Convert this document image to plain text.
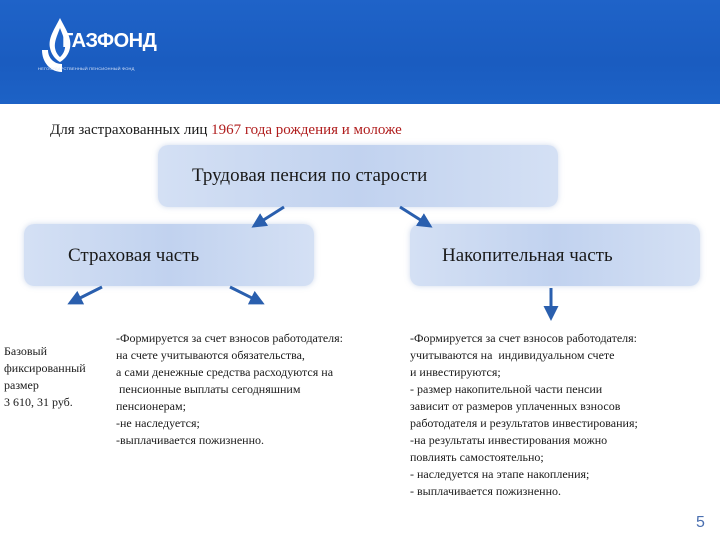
ГАЗФОНД
НЕГОСУДАРСТВЕННЫЙ ПЕНСИОННЫЙ ФОНД
Для застрахованных лиц 1967 года рождения и моложе
Трудовая пенсия по старости
Страховая часть	Накопительная часть
Базовый
фиксированный
размер
3 610, 31 руб.
-Формируется за счет взносов работодателя:
на счете учитываются обязательства,
а сами денежные средства расходуются на
пенсионные выплаты сегодняшним
пенсионерам;
-не наследуется;
-выплачивается пожизненно.
-Формируется за счет взносов работодателя:
учитываются на  индивидуальном счете
и инвестируются;
- размер накопительной части пенсии
зависит от размеров уплаченных взносов
работодателя и результатов инвестирования;
-на результаты инвестирования можно
повлиять самостоятельно;
- наследуется на этапе накопления;
- выплачивается пожизненно.
5
